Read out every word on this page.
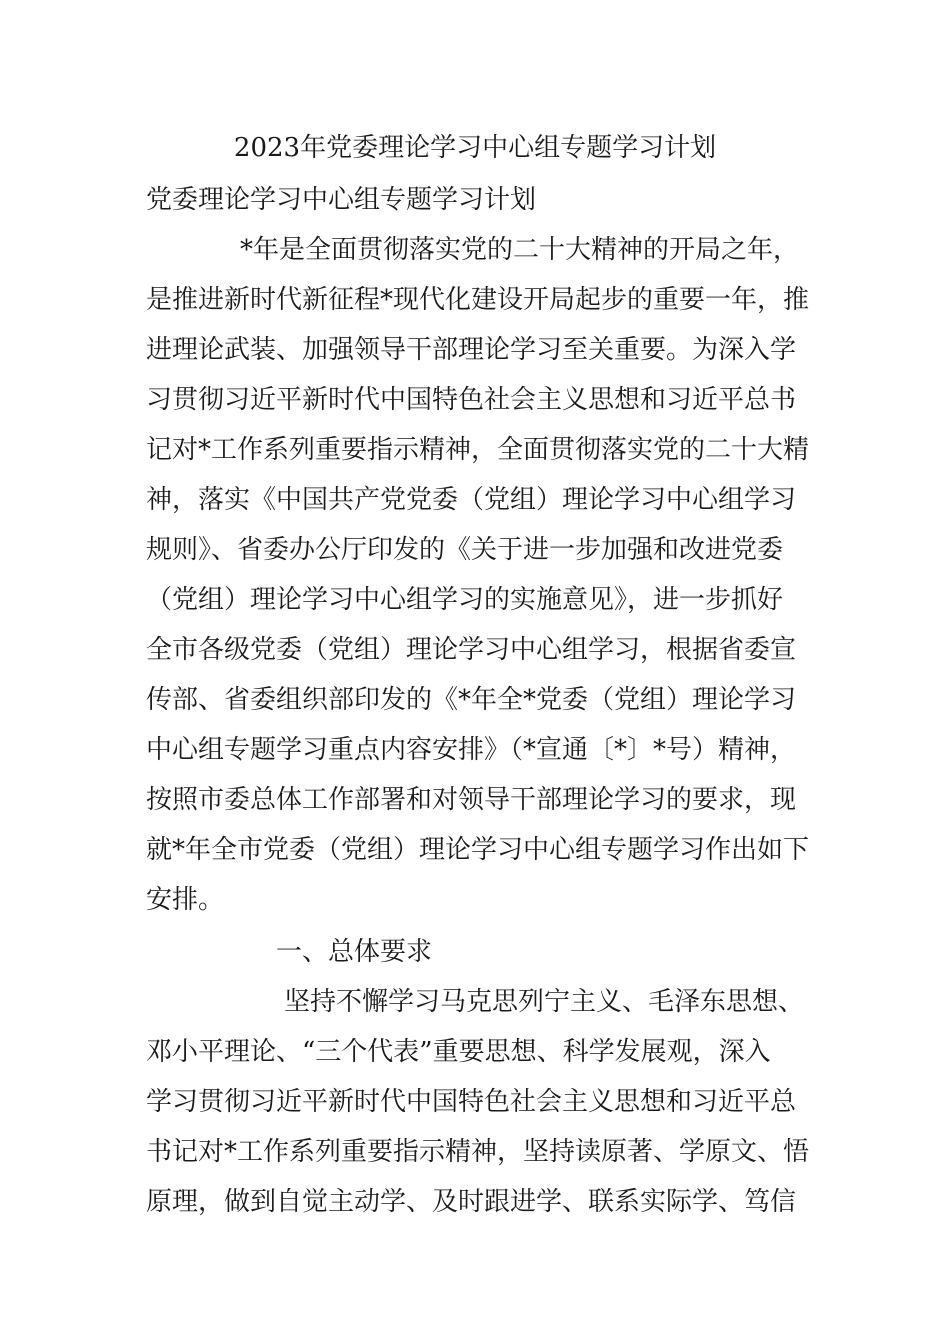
2023年党委理论学习中心组专题学习计划
党委理论学习中心组专题学习计划
*年是全面贯彻落实党的二十大精神的开局之年，
是推进新时代新征程*现代化建设开局起步的重要一年，推
进理论武装、加强领导干部理论学习至关重要。为深入学
习贯彻习近平新时代中国特色社会主义思想和习近平总书
记对*工作系列重要指示精神，全面贯彻落实党的二十大精
神，落实《中国共产党党委（党组）理论学习中心组学习
规则》、省委办公厅印发的《关于进一步加强和改进党委
（党组）理论学习中心组学习的实施意见》，进一步抓好
全市各级党委（党组）理论学习中心组学习，根据省委宣
传部、省委组织部印发的《*年全*党委（党组）理论学习
中心组专题学习重点内容安排》（*宣通〔*〕*号）精神，
按照市委总体工作部署和对领导干部理论学习的要求，现
就*年全市党委（党组）理论学习中心组专题学习作出如下
安排。
一、总体要求
坚持不懈学习马克思列宁主义、毛泽东思想、
邓小平理论、“三个代表”重要思想、科学发展观，深入
学习贯彻习近平新时代中国特色社会主义思想和习近平总
书记对*工作系列重要指示精神，坚持读原著、学原文、悟
原理，做到自觉主动学、及时跟进学、联系实际学、笃信
